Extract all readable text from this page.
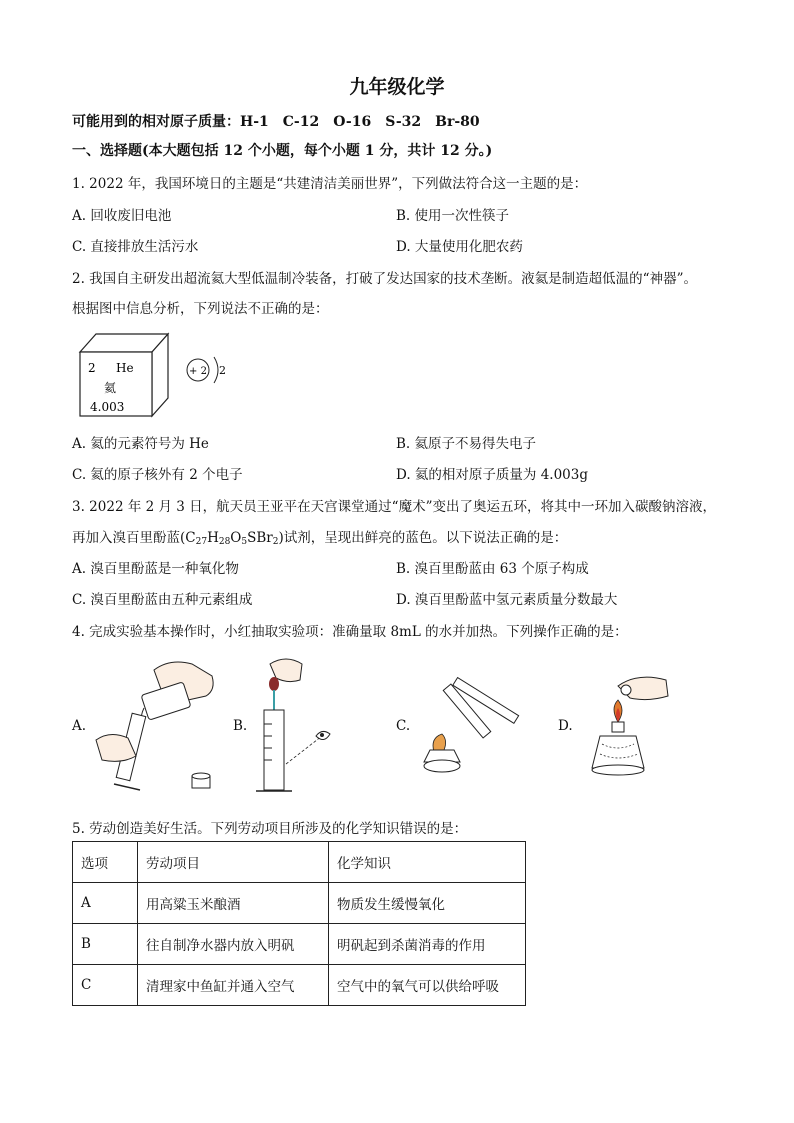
九年级化学
可能用到的相对原子质量：H-1　C-12　O-16　S-32　Br-80
一、选择题(本大题包括 12 个小题，每个小题 1 分，共计 12 分。)
1. 2022 年，我国环境日的主题是“共建清洁美丽世界”，下列做法符合这一主题的是：
A. 回收废旧电池	B. 使用一次性筷子
C. 直接排放生活污水	D. 大量使用化肥农药
2. 我国自主研发出超流氦大型低温制冷装备，打破了发达国家的技术垄断。液氦是制造超低温的“神器”。
根据图中信息分析，下列说法不正确的是：
2 He
氦
4.003
+ 2 2
A. 氦的元素符号为 He	B. 氦原子不易得失电子
C. 氦的原子核外有 2 个电子	D. 氦的相对原子质量为 4.003g
3. 2022 年 2 月 3 日，航天员王亚平在天宫课堂通过“魔术”变出了奥运五环，将其中一环加入碳酸钠溶液，
再加入溴百里酚蓝$(C_{27}H_{28}O_5SBr_2)$试剂，呈现出鲜亮的蓝色。以下说法正确的是：
A. 溴百里酚蓝是一种氧化物	B. 溴百里酚蓝由 63 个原子构成
C. 溴百里酚蓝由五种元素组成	D. 溴百里酚蓝中氢元素质量分数最大
4. 完成实验基本操作时，小红抽取实验项：准确量取 8mL 的水并加热。下列操作正确的是：
A.	B.	C.	D.
5. 劳动创造美好生活。下列劳动项目所涉及的化学知识错误的是：
选项	劳动项目	化学知识
A	用高粱玉米酿酒	物质发生缓慢氧化
B	往自制净水器内放入明矾	明矾起到杀菌消毒的作用
C	清理家中鱼缸并通入空气	空气中的氧气可以供给呼吸
